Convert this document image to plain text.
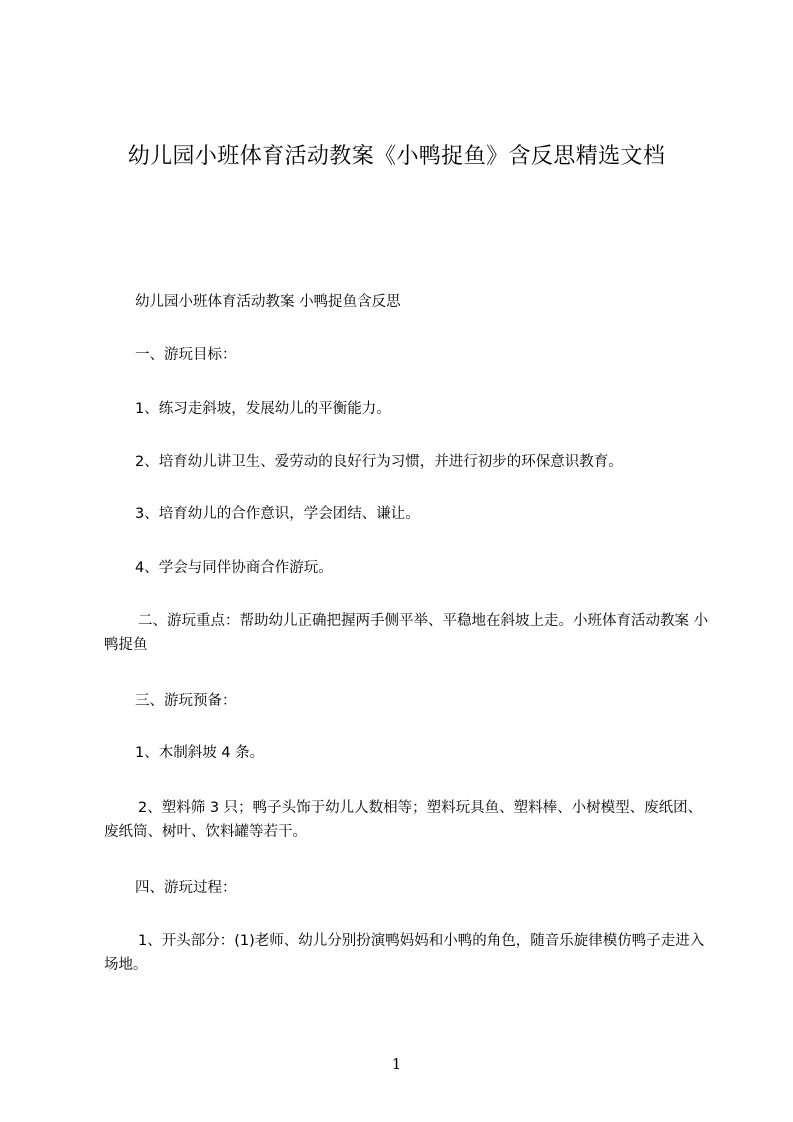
幼儿园小班体育活动教案《小鸭捉鱼》含反思精选文档
幼儿园小班体育活动教案 小鸭捉鱼含反思
一、游玩目标：
1、练习走斜坡，发展幼儿的平衡能力。
2、培育幼儿讲卫生、爱劳动的良好行为习惯，并进行初步的环保意识教育。
3、培育幼儿的合作意识，学会团结、谦让。
4、学会与同伴协商合作游玩。
二、游玩重点：帮助幼儿正确把握两手侧平举、平稳地在斜坡上走。小班体育活动教案 小鸭捉鱼
三、游玩预备：
1、木制斜坡 4 条。
2、塑料筛 3 只；鸭子头饰于幼儿人数相等；塑料玩具鱼、塑料棒、小树模型、废纸团、废纸筒、树叶、饮料罐等若干。
四、游玩过程：
1、开头部分：(1)老师、幼儿分别扮演鸭妈妈和小鸭的角色，随音乐旋律模仿鸭子走进入场地。
1
